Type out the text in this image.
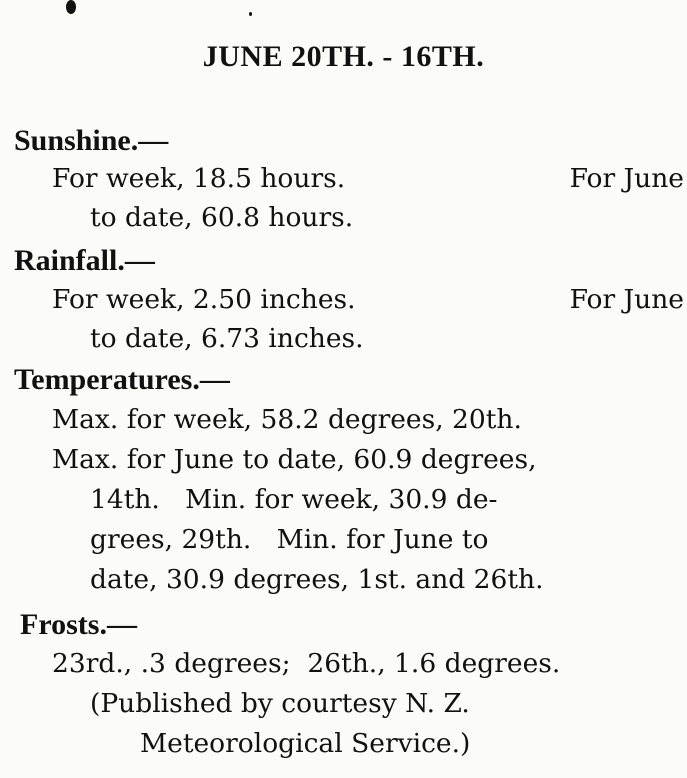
JUNE 20TH. - 16TH.
Sunshine.—
For week, 18.5 hours.	For June
to date, 60.8 hours.
Rainfall.—
For week, 2.50 inches.	For June
to date, 6.73 inches.
Temperatures.—
Max. for week, 58.2 degrees, 20th.
Max. for June to date, 60.9 degrees,
14th.   Min. for week, 30.9 de-
grees, 29th.   Min. for June to
date, 30.9 degrees, 1st. and 26th.
Frosts.—
23rd., .3 degrees;  26th., 1.6 degrees.
(Published by courtesy N. Z.
Meteorological Service.)
